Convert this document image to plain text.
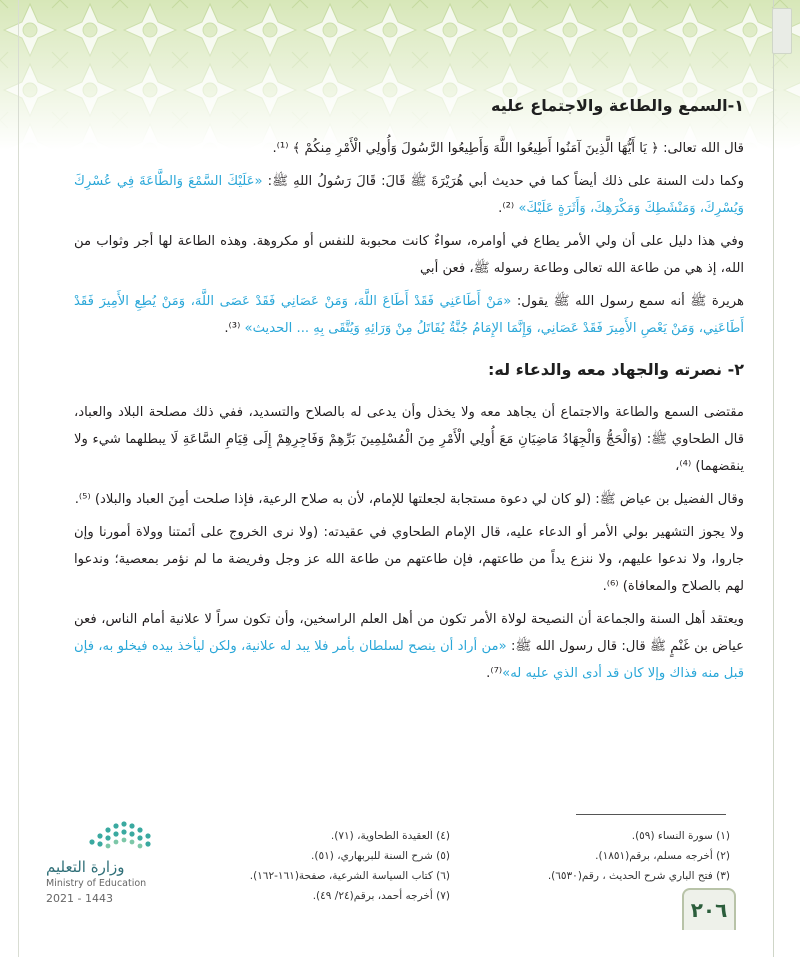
١-السمع والطاعة والاجتماع عليه

قال الله تعالى: ﴿ يَا أَيُّهَا الَّذِينَ آمَنُوا أَطِيعُوا اللَّهَ وَأَطِيعُوا الرَّسُولَ وَأُولِي الْأَمْرِ مِنكُمْ ﴾ ⁽¹⁾.

وكما دلت السنة على ذلك أيضاً كما في حديث أبي هُرَيْرَةَ ﷺ قَالَ: قَالَ رَسُولُ اللهِ ﷺ: «عَلَيْكَ السَّمْعَ وَالطَّاعَةَ فِي عُسْرِكَ وَيُسْرِكَ، وَمَنْشَطِكَ وَمَكْرَهِكَ، وَأَثَرَةٍ عَلَيْكَ» ⁽²⁾.

وفي هذا دليل على أن ولي الأمر يطاع في أوامره، سواءٌ كانت محبوبة للنفس أو مكروهة. وهذه الطاعة لها أجر وثواب من الله، إذ هي من طاعة الله تعالى وطاعة رسوله ﷺ، فعن أبي

هريرة ﷺ أنه سمع رسول الله ﷺ يقول: «مَنْ أَطَاعَنِي فَقَدْ أَطَاعَ اللَّهَ، وَمَنْ عَصَانِي فَقَدْ عَصَى اللَّهَ، وَمَنْ يُطِعِ الأَمِيرَ فَقَدْ أَطَاعَنِي، وَمَنْ يَعْصِ الأَمِيرَ فَقَدْ عَصَانِي، وَإِنَّمَا الإِمَامُ جُنَّةٌ يُقَاتَلُ مِنْ وَرَائِهِ وَيُتَّقَى بِهِ ... الحديث» ⁽³⁾.

٢- نصرته والجهاد معه والدعاء له:

مقتضى السمع والطاعة والاجتماع أن يجاهد معه ولا يخذل وأن يدعى له بالصلاح والتسديد، ففي ذلك مصلحة البلاد والعباد، قال الطحاوي ﷺ: (وَالْحَجُّ وَالْجِهَادُ مَاضِيَانِ مَعَ أُولِي الْأَمْرِ مِنَ الْمُسْلِمِينَ بَرِّهِمْ وَفَاجِرِهِمْ إِلَى قِيَامِ السَّاعَةِ لَا يبطلهما شيء ولا ينقضهما) ⁽⁴⁾،

وقال الفضيل بن عياض ﷺ: (لو كان لي دعوة مستجابة لجعلتها للإمام، لأن به صلاح الرعية، فإذا صلحت أمِنَ العباد والبلاد) ⁽⁵⁾.

ولا يجوز التشهير بولي الأمر أو الدعاء عليه، قال الإمام الطحاوي في عقيدته: (ولا نرى الخروج على أئمتنا وولاة أمورنا وإن جاروا، ولا ندعوا عليهم، ولا ننزع يداً من طاعتهم، فإن طاعتهم من طاعة الله عز وجل وفريضة ما لم نؤمر بمعصية؛ وندعوا لهم بالصلاح والمعافاة) ⁽⁶⁾.

ويعتقد أهل السنة والجماعة أن النصيحة لولاة الأمر تكون من أهل العلم الراسخين، وأن تكون سراً لا علانية أمام الناس، فعن عياض بن غَنْمٍ ﷺ قال: قال رسول الله ﷺ: «من أراد أن ينصح لسلطان بأمر فلا يبد له علانية، ولكن ليأخذ بيده فيخلو به، فإن قبل منه فذاك وإلا كان قد أدى الذي عليه له»⁽⁷⁾.

(١) سورة النساء (٥٩).
(٢) أخرجه مسلم، برقم(١٨٥١).
(٣) فتح الباري شرح الحديث ، رقم(٦٥٣٠).
(٤) العقيدة الطحاوية، (٧١).
(٥) شرح السنة للبربهاري، (٥١).
(٦) كتاب السياسة الشرعية، صفحة(١٦١-١٦٢).
(٧) أخرجه أحمد، برقم(٢٤/ ٤٩).
وزارة التعليم
Ministry of Education
2021 - 1443	٢٠٦
